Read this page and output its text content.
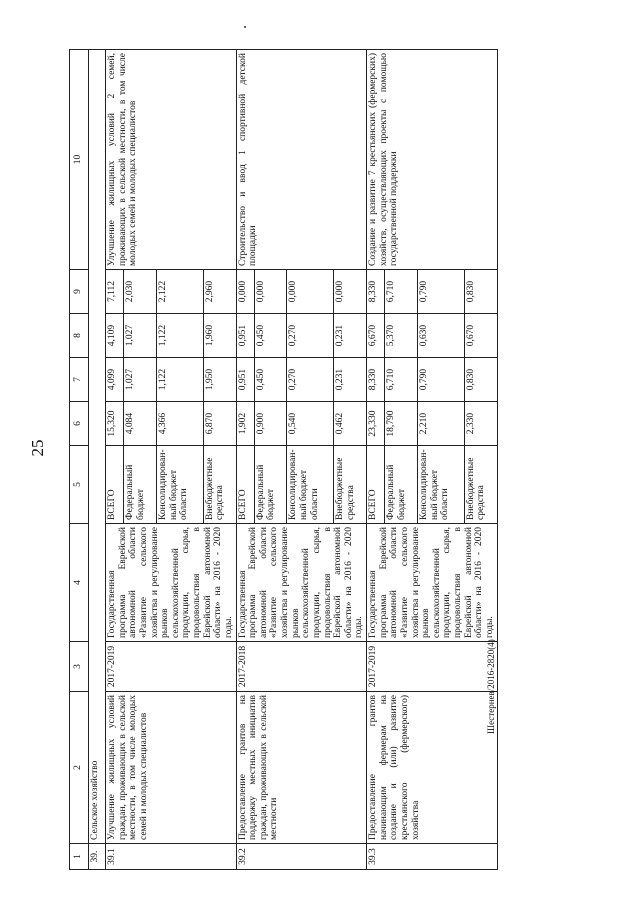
25
1	2	3	4	5	6	7	8	9	10
39.	Сельское хозяйство								
39.1	Улучшение жилищных условий граждан, проживающих в сельской местности, в том числе молодых семей и молодых специалистов	2017-2019	Государственная программа Еврейской автономной области «Развитие сельского хозяйства и регулирование рынков сельскохозяйственной продукции, сырья, продовольствия в Еврейской автономной области» на 2016 - 2020 годы.	ВСЕГО	15,320	4,099	4,109	7,112	Улучшение жилищных условий 2 семей, проживающих в сельской местности, в том числе молодых семей и молодых специалистов
				Федеральный бюджет	4,084	1,027	1,027	2,030	
				Консолидирован-ный бюджет области	4,366	1,122	1,122	2,122	
				Внебюджетные средства	6,870	1,950	1,960	2,960	
39.2	Предоставление грантов на поддержку местных инициатив граждан, проживающих в сельской местности	2017-2018	Государственная программа Еврейской автономной области «Развитие сельского хозяйства и регулирование рынков сельскохозяйственной продукции, сырья, продовольствия в Еврейской автономной области» на 2016 - 2020 годы.	ВСЕГО	1,902	0,951	0,951	0,000	Строительство и ввод 1 спортивной детской площадки
				Федеральный бюджет	0,900	0,450	0,450	0,000	
				Консолидирован-ный бюджет области	0,540	0,270	0,270	0,000	
				Внебюджетные средства	0,462	0,231	0,231	0,000	
39.3	Предоставление грантов начинающим фермерам на создание и (или) развитие крестьянского (фермерского) хозяйства	2017-2019	Государственная программа Еврейской автономной области «Развитие сельского хозяйства и регулирование рынков сельскохозяйственной продукции, сырья, продовольствия в Еврейской автономной области» на 2016 - 2020 годы.	ВСЕГО	23,330	8,330	6,670	8,330	Создание и развитие 7 крестьянских (фермерских) хозяйств, осуществляющих проекты с помощью государственной поддержки
				Федеральный бюджет	18,790	6,710	5,370	6,710	
				Консолидирован-ный бюджет области	2,210	0,790	0,630	0,790	
				Внебюджетные средства	2,330	0,830	0,670	0,830	
Шестернев/2016-2820(4)
